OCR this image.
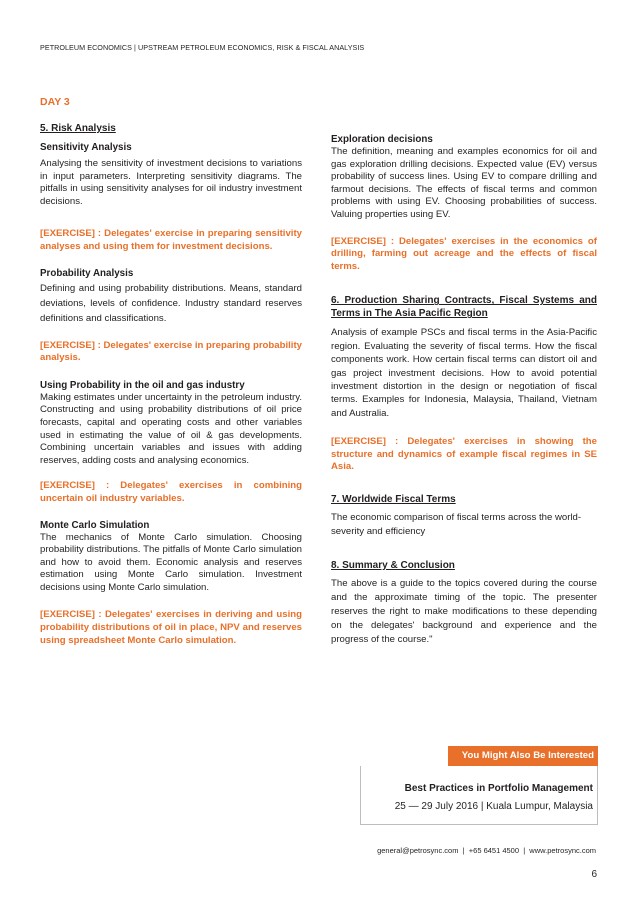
PETROLEUM ECONOMICS | UPSTREAM PETROLEUM ECONOMICS, RISK & FISCAL ANALYSIS
DAY 3
5. Risk Analysis
Sensitivity Analysis

Analysing the sensitivity of investment decisions to variations in input parameters. Interpreting sensitivity diagrams. The pitfalls in using sensitivity analyses for oil industry investment decisions.

[EXERCISE] : Delegates' exercise in preparing sensitivity analyses and using them for investment decisions.

Probability Analysis

Defining and using probability distributions. Means, standard deviations, levels of confidence. Industry standard reserves definitions and classifications.

[EXERCISE] : Delegates' exercise in preparing probability analysis.

Using Probability in the oil and gas industry

Making estimates under uncertainty in the petroleum industry. Constructing and using probability distributions of oil price forecasts, capital and operating costs and other variables used in estimating the value of oil & gas developments. Combining uncertain variables and issues with adding reserves, adding costs and analysing economics.

[EXERCISE] : Delegates' exercises in combining uncertain oil industry variables.

Monte Carlo Simulation

The mechanics of Monte Carlo simulation. Choosing probability distributions. The pitfalls of Monte Carlo simulation and how to avoid them. Economic analysis and reserves estimation using Monte Carlo simulation. Investment decisions using Monte Carlo simulation.

[EXERCISE] : Delegates' exercises in deriving and using probability distributions of oil in place, NPV and reserves using spreadsheet Monte Carlo simulation.

Exploration decisions

The definition, meaning and examples economics for oil and gas exploration drilling decisions. Expected value (EV) versus probability of success lines. Using EV to compare drilling and farmout decisions. The effects of fiscal terms and common problems with using EV. Choosing probabilities of success. Valuing properties using EV.

[EXERCISE] : Delegates' exercises in the economics of drilling, farming out acreage and the effects of fiscal terms.

6. Production Sharing Contracts, Fiscal Systems and Terms in The Asia Pacific Region

Analysis of example PSCs and fiscal terms in the Asia-Pacific region. Evaluating the severity of fiscal terms. How the fiscal components work. How certain fiscal terms can distort oil and gas project investment decisions. How to avoid potential investment distortion in the design or negotiation of fiscal terms. Examples for Indonesia, Malaysia, Thailand, Vietnam and Australia.

[EXERCISE] : Delegates' exercises in showing the structure and dynamics of example fiscal regimes in SE Asia.

7. Worldwide Fiscal Terms

The economic comparison of fiscal terms across the world-severity and efficiency

8. Summary & Conclusion

The above is a guide to the topics covered during the course and the approximate timing of the topic. The presenter reserves the right to make modifications to these depending on the delegates' background and experience and the progress of the course."

You Might Also Be Interested In:
Best Practices in Portfolio Management
25 — 29 July 2016 | Kuala Lumpur, Malaysia
general@petrosync.com  |  +65 6451 4500  |  www.petrosync.com
6
